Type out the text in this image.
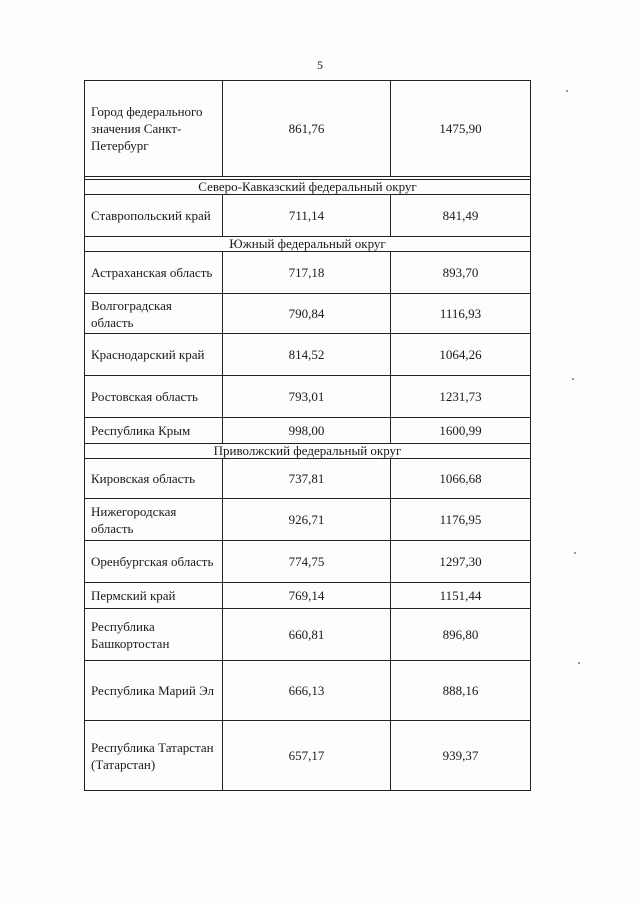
5
Город федерального значения Санкт-Петербург	861,76	1475,90

Северо-Кавказский федеральный округ		
Ставропольский край	711,14	841,49
Южный федеральный округ		
Астраханская область	717,18	893,70
Волгоградская область	790,84	1116,93
Краснодарский край	814,52	1064,26
Ростовская область	793,01	1231,73
Республика Крым	998,00	1600,99
Приволжский федеральный округ		
Кировская область	737,81	1066,68
Нижегородская область	926,71	1176,95
Оренбургская область	774,75	1297,30
Пермский край	769,14	1151,44
Республика Башкортостан	660,81	896,80
Республика Марий Эл	666,13	888,16
Республика Татарстан (Татарстан)	657,17	939,37
